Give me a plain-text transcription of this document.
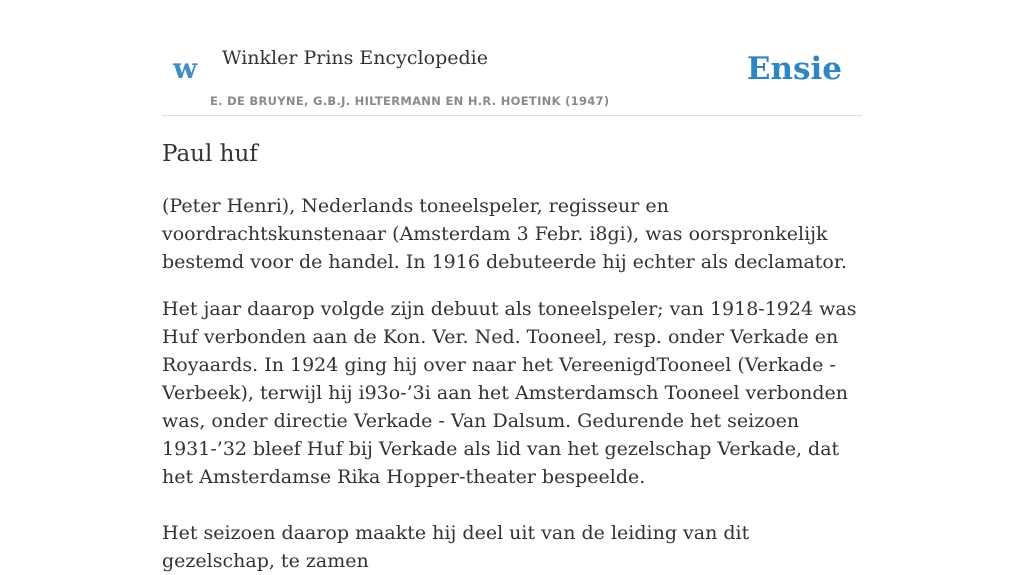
w Winkler Prins Encyclopedie	Ensie
E. DE BRUYNE, G.B.J. HILTERMANN EN H.R. HOETINK (1947)
Paul huf

(Peter Henri), Nederlands toneelspeler, regisseur en voordrachtskunstenaar (Amsterdam 3 Febr. i8gi), was oorspronkelijk bestemd voor de handel. In 1916 debuteerde hij echter als declamator.

Het jaar daarop volgde zijn debuut als toneelspeler; van 1918-1924 was Huf verbonden aan de Kon. Ver. Ned. Tooneel, resp. onder Verkade en Royaards. In 1924 ging hij over naar het VereenigdTooneel (Verkade -Verbeek), terwijl hij i93o-’3i aan het Amsterdamsch Tooneel verbonden was, onder directie Verkade - Van Dalsum. Gedurende het seizoen 1931-’32 bleef Huf bij Verkade als lid van het gezelschap Verkade, dat het Amsterdamse Rika Hopper-theater bespeelde.

Het seizoen daarop maakte hij deel uit van de leiding van dit gezelschap, te zamen
